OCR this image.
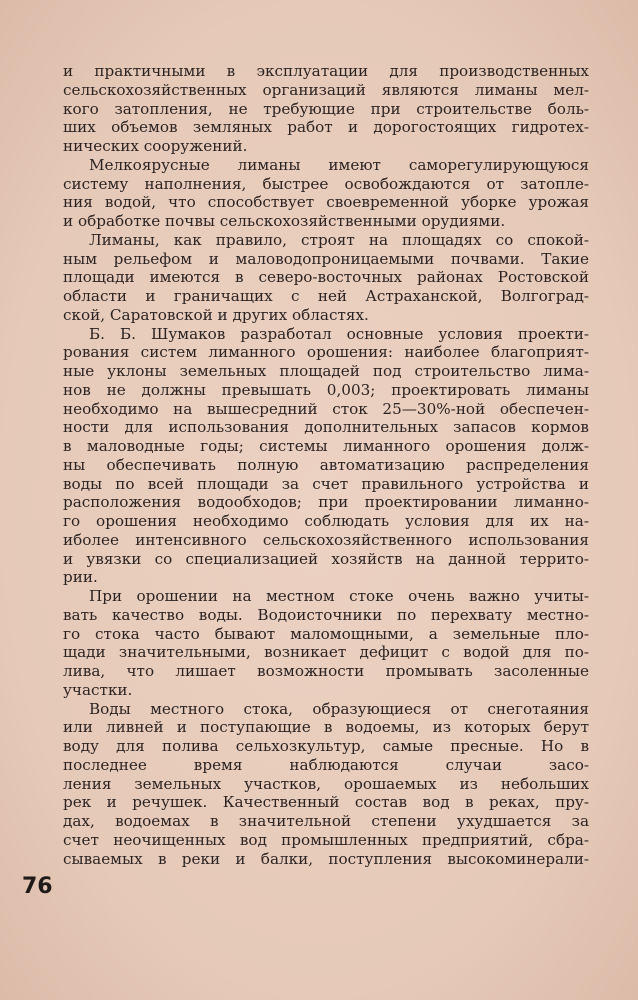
и практичными в эксплуатации для производственных
сельскохозяйственных организаций являются лиманы мел-
кого затопления, не требующие при строительстве боль-
ших объемов земляных работ и дорогостоящих гидротех-
нических сооружений.
Мелкоярусные лиманы имеют саморегулирующуюся
систему наполнения, быстрее освобождаются от затопле-
ния водой, что способствует своевременной уборке урожая
и обработке почвы сельскохозяйственными орудиями.
Лиманы, как правило, строят на площадях со спокой-
ным рельефом и маловодопроницаемыми почвами. Такие
площади имеются в северо-восточных районах Ростовской
области и граничащих с ней Астраханской, Волгоград-
ской, Саратовской и других областях.
Б. Б. Шумаков разработал основные условия проекти-
рования систем лиманного орошения: наиболее благоприят-
ные уклоны земельных площадей под строительство лима-
нов не должны превышать 0,003; проектировать лиманы
необходимо на вышесредний сток 25—30%-ной обеспечен-
ности для использования дополнительных запасов кормов
в маловодные годы; системы лиманного орошения долж-
ны обеспечивать полную автоматизацию распределения
воды по всей площади за счет правильного устройства и
расположения водообходов; при проектировании лиманно-
го орошения необходимо соблюдать условия для их на-
иболее интенсивного сельскохозяйственного использования
и увязки со специализацией хозяйств на данной террито-
рии.
При орошении на местном стоке очень важно учиты-
вать качество воды. Водоисточники по перехвату местно-
го стока часто бывают маломощными, а земельные пло-
щади значительными, возникает дефицит с водой для по-
лива, что лишает возможности промывать засоленные
участки.
Воды местного стока, образующиеся от снеготаяния
или ливней и поступающие в водоемы, из которых берут
воду для полива сельхозкультур, самые пресные. Но в
последнее время наблюдаются случаи засо-
ления земельных участков, орошаемых из небольших
рек и речушек. Качественный состав вод в реках, пру-
дах, водоемах в значительной степени ухудшается за
счет неочищенных вод промышленных предприятий, сбра-
сываемых в реки и балки, поступления высокоминерали-
76
